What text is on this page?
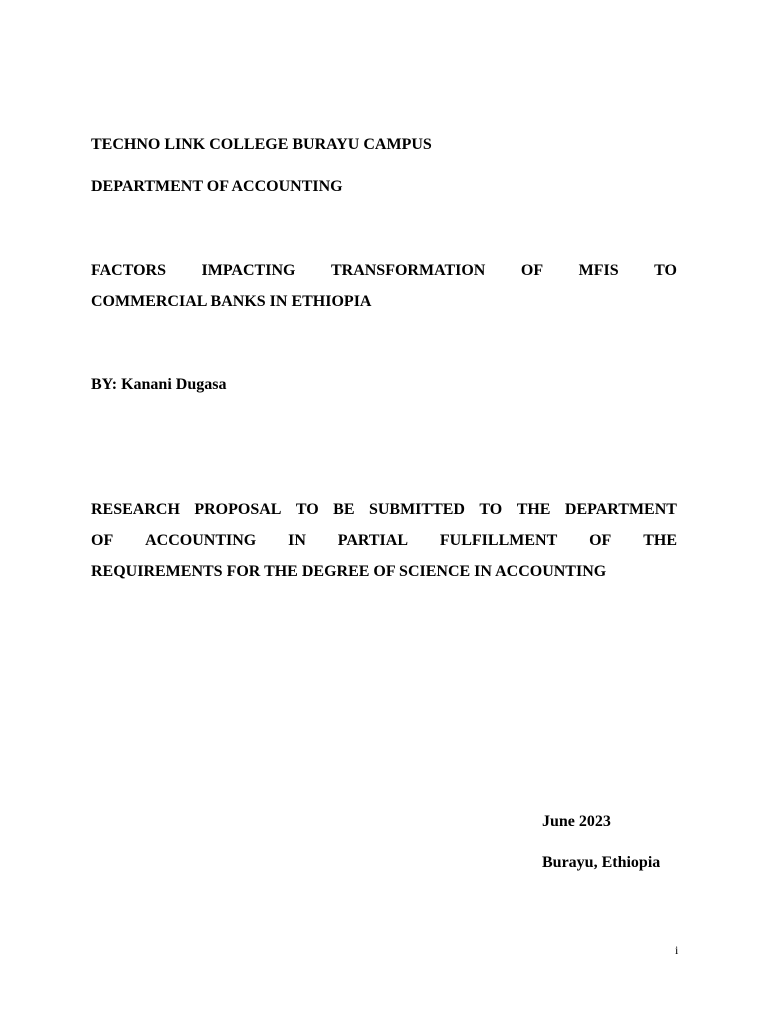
TECHNO LINK COLLEGE BURAYU CAMPUS
DEPARTMENT OF ACCOUNTING
FACTORS IMPACTING TRANSFORMATION OF MFIS TO
COMMERCIAL BANKS IN ETHIOPIA
BY: Kanani Dugasa
RESEARCH PROPOSAL TO BE SUBMITTED TO THE DEPARTMENT
OF ACCOUNTING IN PARTIAL FULFILLMENT OF THE
REQUIREMENTS FOR THE DEGREE OF SCIENCE IN ACCOUNTING
June 2023
Burayu, Ethiopia
i
